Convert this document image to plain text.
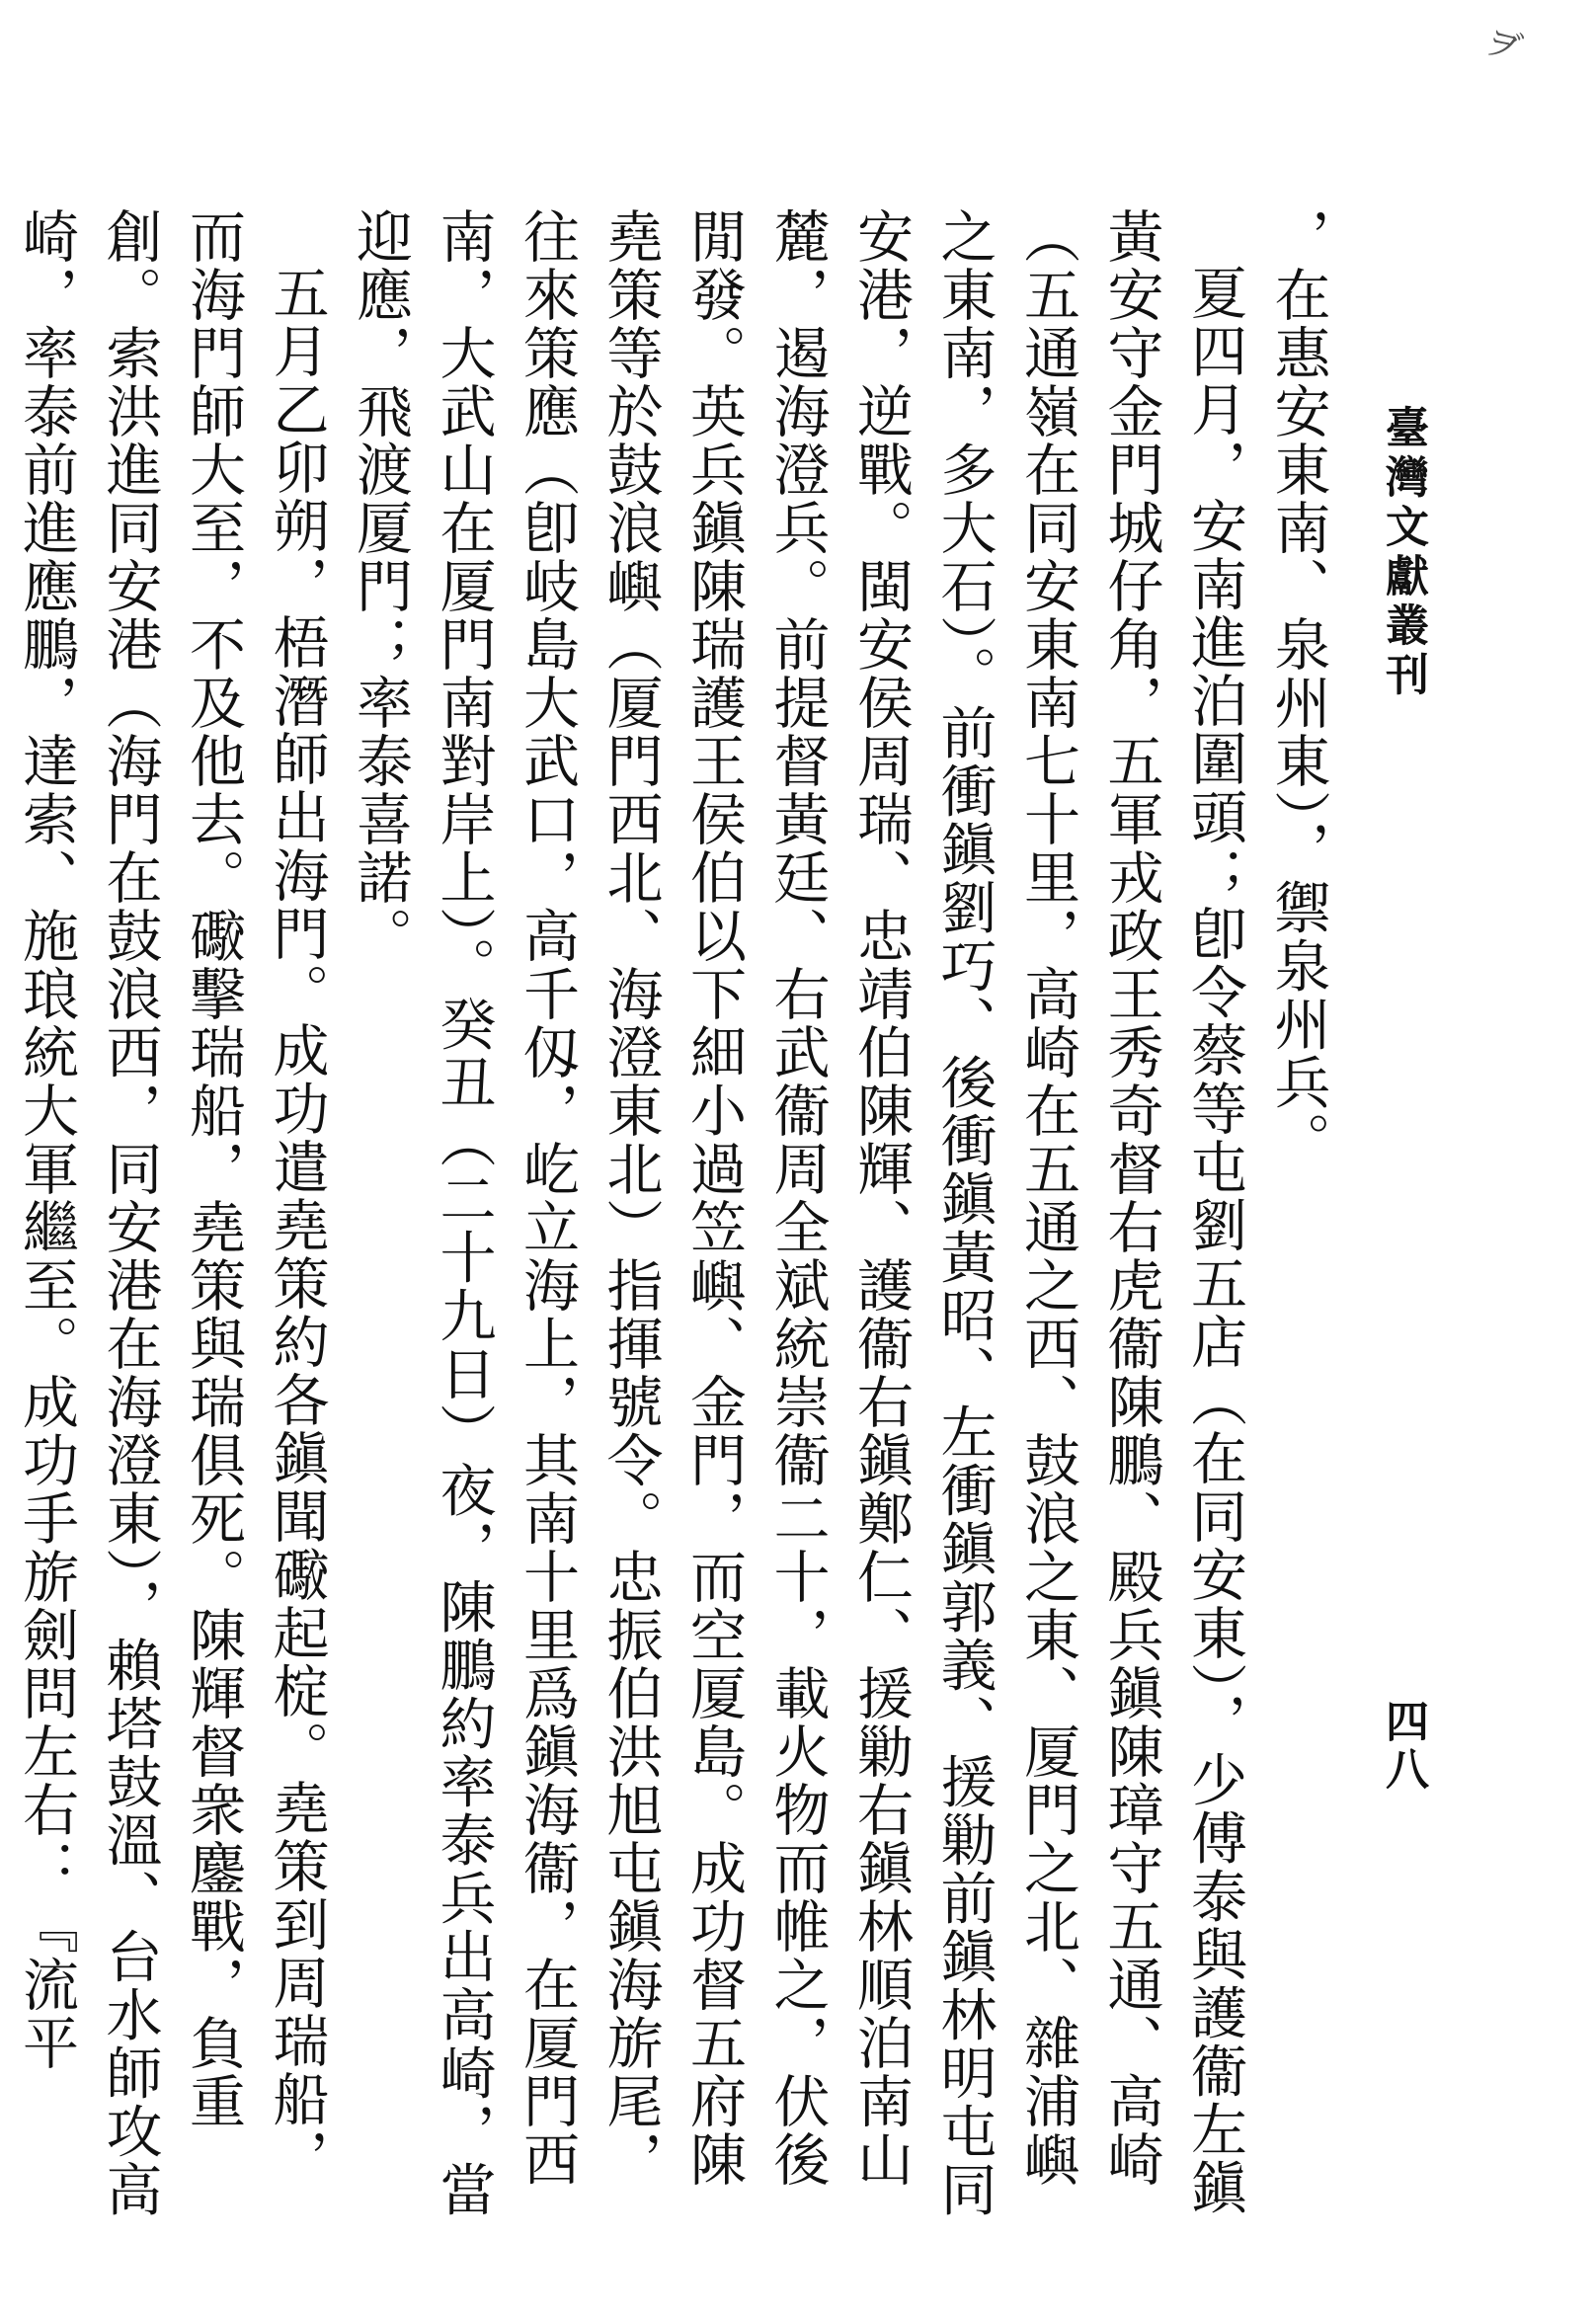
ヺ
臺灣文獻叢刊
四八

，在惠安東南、泉州東），禦泉州兵。

夏四月，安南進泊圍頭；卽令蔡等屯劉五店（在同安東），少傅泰與護衞左鎭黃安守金門城仔角，五軍戎政王秀奇督右虎衞陳鵬、殿兵鎭陳璋守五通、高崎（五通嶺在同安東南七十里，高崎在五通之西、鼓浪之東、厦門之北、雜浦嶼之東南，多大石）。前衝鎭劉巧、後衝鎭黃昭、左衝鎭郭義、援勦前鎭林明屯同安港，逆戰。閩安侯周瑞、忠靖伯陳輝、護衞右鎭鄭仁、援勦右鎭林順泊南山麓，遏海澄兵。前提督黃廷、右武衞周全斌統崇衞二十，載火物而帷之，伏後閒發。英兵鎭陳瑞護王侯伯以下細小過笠嶼、金門，而空厦島。成功督五府陳堯策等於鼓浪嶼（厦門西北、海澄東北）指揮號令。忠振伯洪旭屯鎭海旂尾，往來策應（卽岐島大武口，高千仭，屹立海上，其南十里爲鎭海衞，在厦門西南，大武山在厦門南對岸上）。癸丑（二十九日）夜，陳鵬約率泰兵出高崎，當迎應，飛渡厦門；率泰喜諾。

五月乙卯朔，梧潛師出海門。成功遣堯策約各鎭聞礮起椗。堯策到周瑞船，而海門師大至，不及他去。礮擊瑞船，堯策與瑞俱死。陳輝督衆鏖戰，負重創。索洪進同安港（海門在鼓浪西，同安港在海澄東），賴塔鼓溫、台水師攻高崎，率泰前進應鵬，達索、施琅統大軍繼至。成功手旂劍問左右：『流平
